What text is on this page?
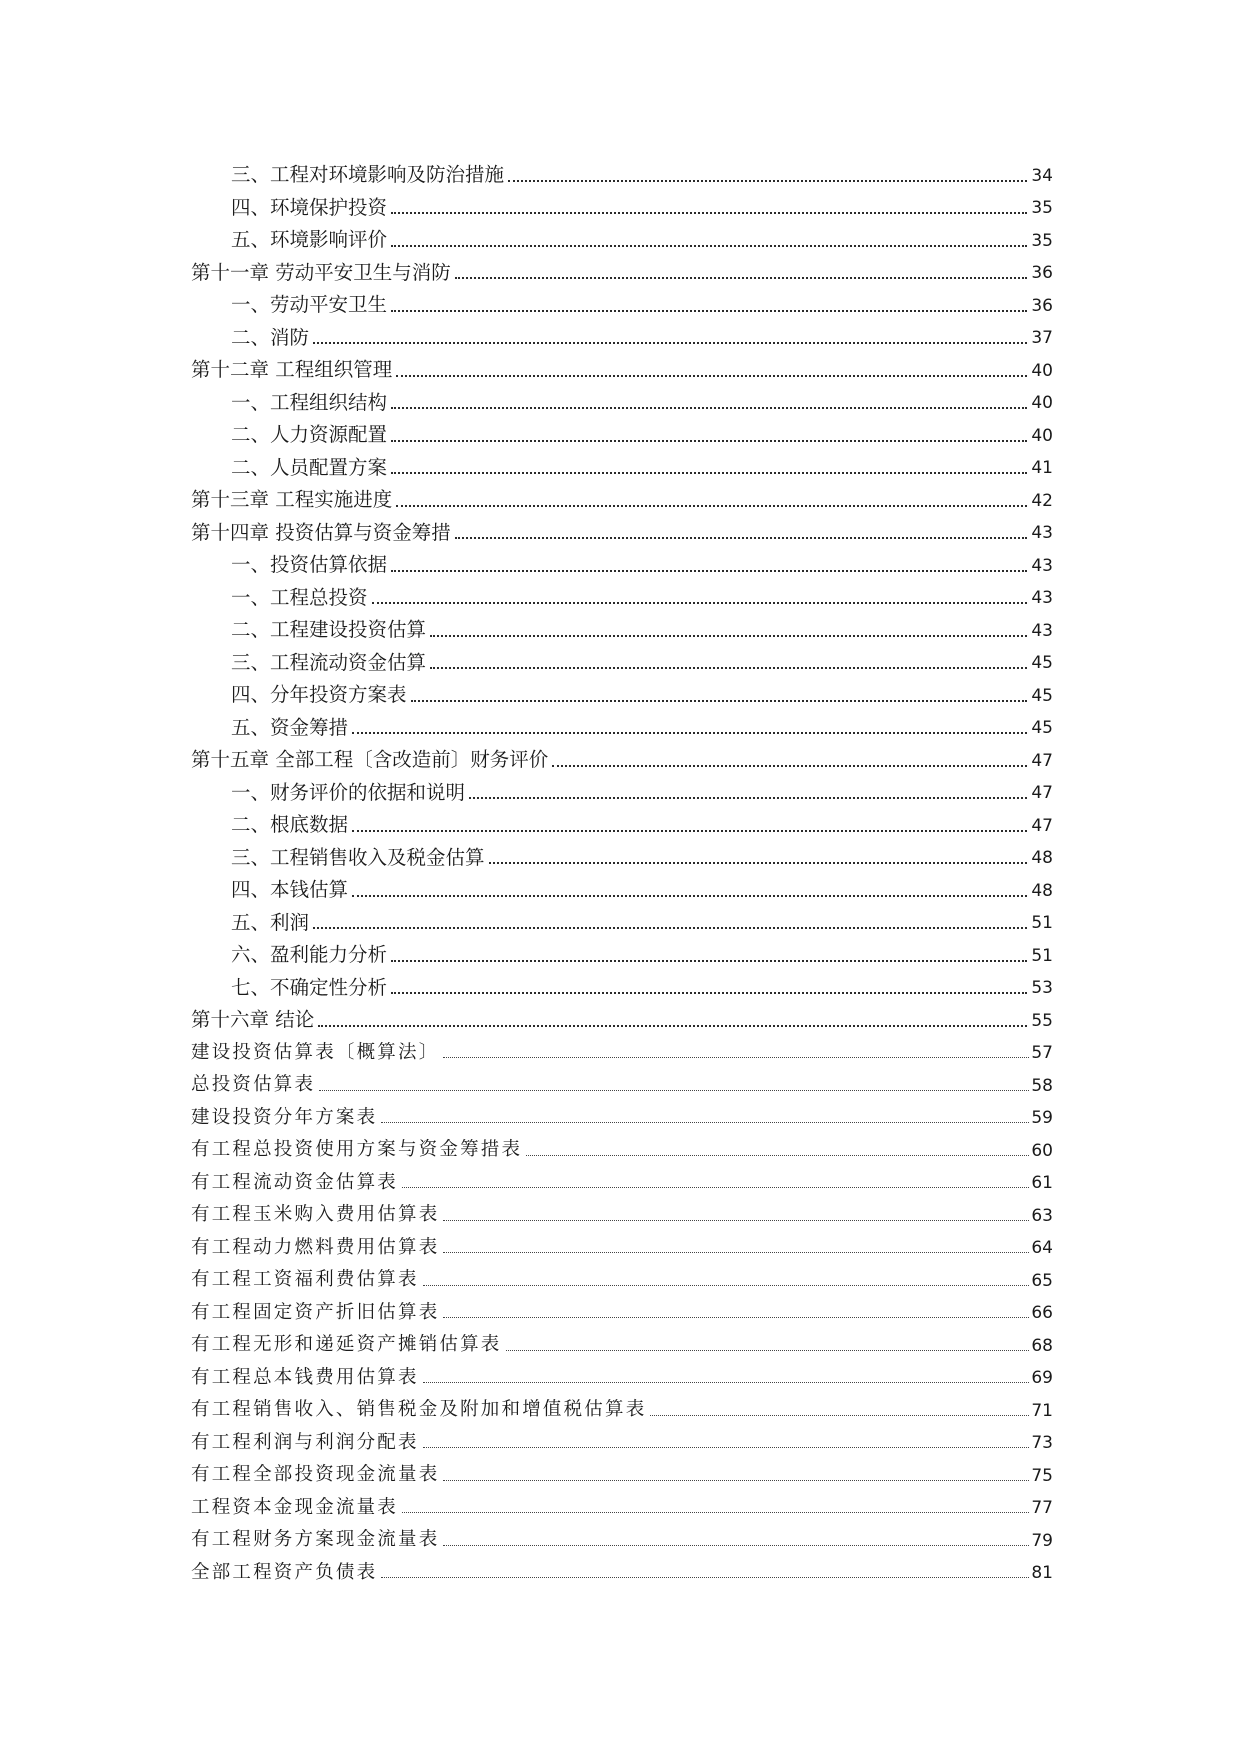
三、工程对环境影响及防治措施	34
四、环境保护投资	35
五、环境影响评价	35
第十一章 劳动平安卫生与消防	36
一、劳动平安卫生	36
二、消防	37
第十二章 工程组织管理	40
一、工程组织结构	40
二、人力资源配置	40
二、人员配置方案	41
第十三章 工程实施进度	42
第十四章 投资估算与资金筹措	43
一、投资估算依据	43
一、工程总投资	43
二、工程建设投资估算	43
三、工程流动资金估算	45
四、分年投资方案表	45
五、资金筹措	45
第十五章 全部工程〔含改造前〕财务评价	47
一、财务评价的依据和说明	47
二、根底数据	47
三、工程销售收入及税金估算	48
四、本钱估算	48
五、利润	51
六、盈利能力分析	51
七、不确定性分析	53
第十六章 结论	55
建设投资估算表〔概算法〕	57
总投资估算表	58
建设投资分年方案表	59
有工程总投资使用方案与资金筹措表	60
有工程流动资金估算表	61
有工程玉米购入费用估算表	63
有工程动力燃料费用估算表	64
有工程工资福利费估算表	65
有工程固定资产折旧估算表	66
有工程无形和递延资产摊销估算表	68
有工程总本钱费用估算表	69
有工程销售收入、销售税金及附加和增值税估算表	71
有工程利润与利润分配表	73
有工程全部投资现金流量表	75
工程资本金现金流量表	77
有工程财务方案现金流量表	79
全部工程资产负债表	81
